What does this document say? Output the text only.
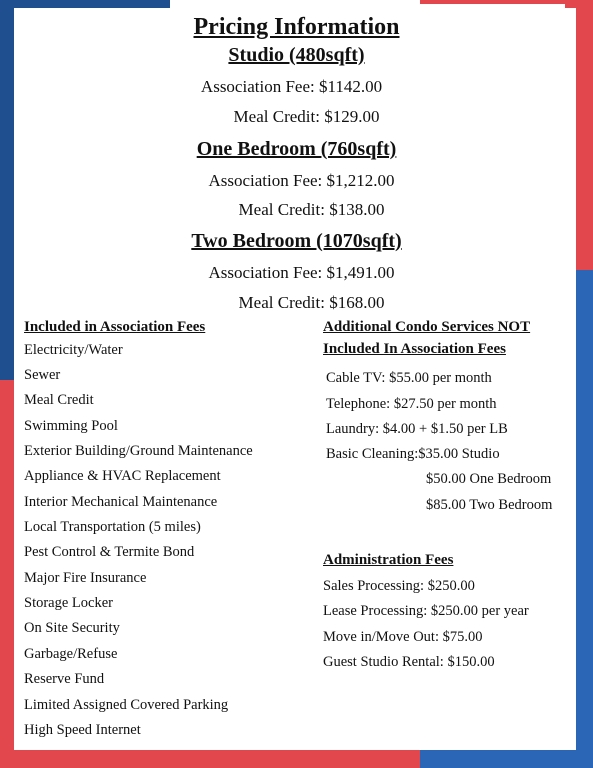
Pricing Information
Studio (480sqft)
Association Fee: $1142.00
Meal Credit: $129.00
One Bedroom (760sqft)
Association Fee: $1,212.00
Meal Credit: $138.00
Two Bedroom (1070sqft)
Association Fee: $1,491.00
Meal Credit: $168.00
Included in Association Fees
Electricity/Water
Sewer
Meal Credit
Swimming Pool
Exterior Building/Ground Maintenance
Appliance & HVAC Replacement
Interior Mechanical Maintenance
Local Transportation (5 miles)
Pest Control & Termite Bond
Major Fire Insurance
Storage Locker
On Site Security
Garbage/Refuse
Reserve Fund
Limited Assigned Covered Parking
High Speed Internet
Additional Condo Services NOT
Included In Association Fees
Cable TV: $55.00 per month
Telephone: $27.50 per month
Laundry: $4.00 + $1.50 per LB
Basic Cleaning:$35.00 Studio
$50.00 One Bedroom
$85.00 Two Bedroom
Administration Fees
Sales Processing: $250.00
Lease Processing: $250.00 per year
Move in/Move Out: $75.00
Guest Studio Rental: $150.00
